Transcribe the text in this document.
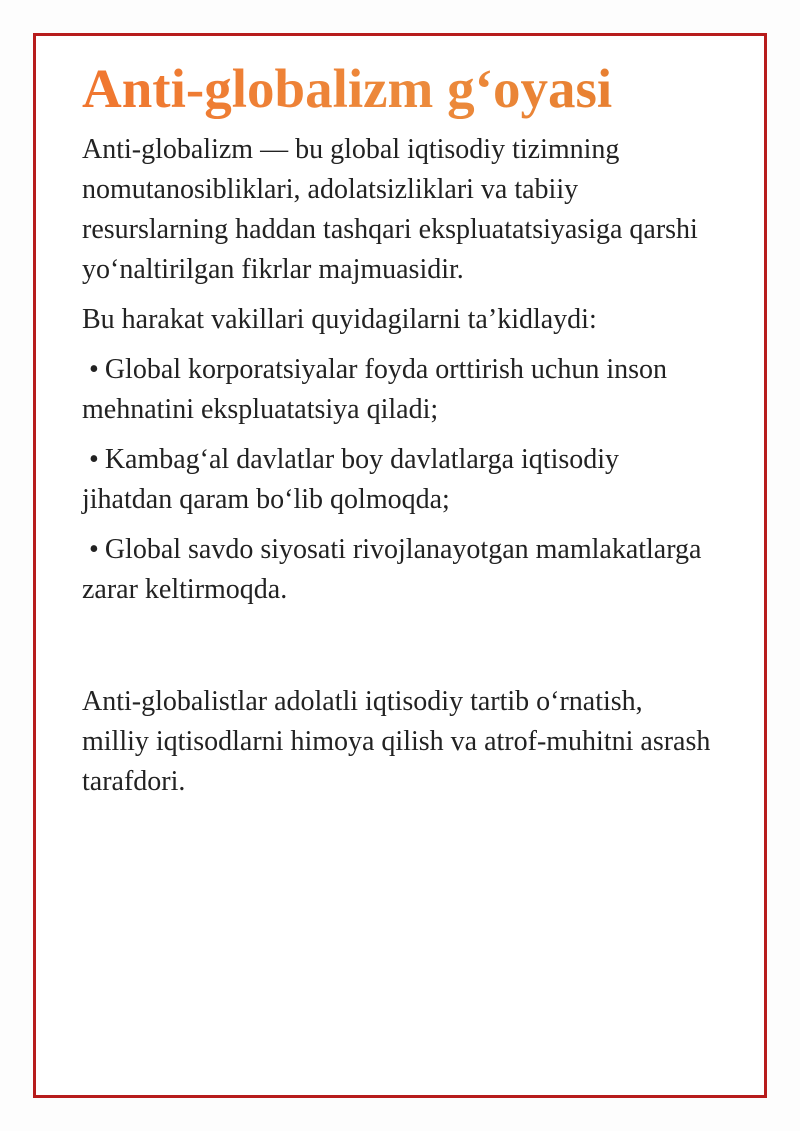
Anti-globalizm g‘oyasi

Anti-globalizm — bu global iqtisodiy tizimning nomutanosibliklari, adolatsizliklari va tabiiy resurslarning haddan tashqari ekspluatatsiyasiga qarshi yo‘naltirilgan fikrlar majmuasidir.

Bu harakat vakillari quyidagilarni ta’kidlaydi:

• Global korporatsiyalar foyda orttirish uchun inson mehnatini ekspluatatsiya qiladi;
• Kambag‘al davlatlar boy davlatlarga iqtisodiy jihatdan qaram bo‘lib qolmoqda;
• Global savdo siyosati rivojlanayotgan mamlakatlarga zarar keltirmoqda.

Anti-globalistlar adolatli iqtisodiy tartib o‘rnatish, milliy iqtisodlarni himoya qilish va atrof-muhitni asrash tarafdori.
